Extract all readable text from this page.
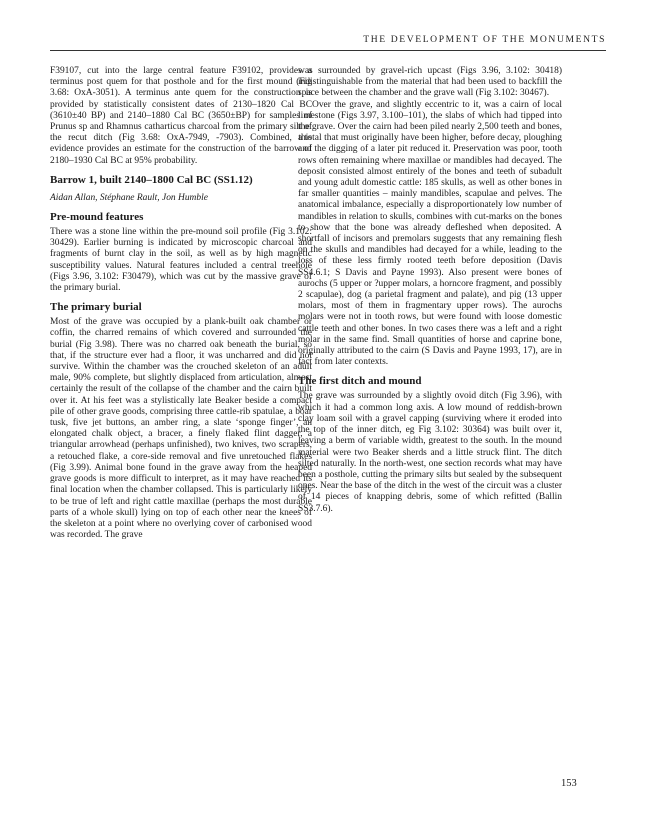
THE DEVELOPMENT OF THE MONUMENTS

F39107, cut into the large central feature F39102, provides a terminus post quem for that posthole and for the first mound (Fig 3.68: OxA-3051). A terminus ante quem for the construction is provided by statistically consistent dates of 2130–1820 Cal BC (3610±40 BP) and 2140–1880 Cal BC (3650±BP) for samples of Prunus sp and Rhamnus catharticus charcoal from the primary silt of the recut ditch (Fig 3.68: OxA-7949, -7903). Combined, this evidence provides an estimate for the construction of the barrow of 2180–1930 Cal BC at 95% probability.

Barrow 1, built 2140–1800 Cal BC (SS1.12)

Aidan Allan, Stéphane Rault, Jon Humble

Pre-mound features

There was a stone line within the pre-mound soil profile (Fig 3.102: 30429). Earlier burning is indicated by microscopic charcoal and fragments of burnt clay in the soil, as well as by high magnetic susceptibility values. Natural features included a central treehole (Figs 3.96, 3.102: F30479), which was cut by the massive grave of the primary burial.

The primary burial

Most of the grave was occupied by a plank-built oak chamber or coffin, the charred remains of which covered and surrounded the burial (Fig 3.98). There was no charred oak beneath the burial, so that, if the structure ever had a floor, it was uncharred and did not survive. Within the chamber was the crouched skeleton of an adult male, 90% complete, but slightly displaced from articulation, almost certainly the result of the collapse of the chamber and the cairn built over it. At his feet was a stylistically late Beaker beside a compact pile of other grave goods, comprising three cattle-rib spatulae, a boar tusk, five jet buttons, an amber ring, a slate ‘sponge finger’, an elongated chalk object, a bracer, a finely flaked flint dagger, a triangular arrowhead (perhaps unfinished), two knives, two scrapers, a retouched flake, a core-side removal and five unretouched flakes (Fig 3.99). Animal bone found in the grave away from the heaped grave goods is more difficult to interpret, as it may have reached its final location when the chamber collapsed. This is particularly likely to be true of left and right cattle maxillae (perhaps the most durable parts of a whole skull) lying on top of each other near the knees of the skeleton at a point where no overlying cover of carbonised wood was recorded. The grave

was surrounded by gravel-rich upcast (Figs 3.96, 3.102: 30418) indistinguishable from the material that had been used to backfill the space between the chamber and the grave wall (Fig 3.102: 30467).

Over the grave, and slightly eccentric to it, was a cairn of local limestone (Figs 3.97, 3.100–101), the slabs of which had tipped into the grave. Over the cairn had been piled nearly 2,500 teeth and bones, a total that must originally have been higher, before decay, ploughing and the digging of a later pit reduced it. Preservation was poor, tooth rows often remaining where maxillae or mandibles had decayed. The deposit consisted almost entirely of the bones and teeth of subadult and young adult domestic cattle: 185 skulls, as well as other bones in far smaller quantities – mainly mandibles, scapulae and pelves. The anatomical imbalance, especially a disproportionately low number of mandibles in relation to skulls, combines with cut-marks on the bones to show that the bone was already defleshed when deposited. A shortfall of incisors and premolars suggests that any remaining flesh on the skulls and mandibles had decayed for a while, leading to the loss of these less firmly rooted teeth before deposition (Davis SS4.6.1; S Davis and Payne 1993). Also present were bones of aurochs (5 upper or ?upper molars, a horncore fragment, and possibly 2 scapulae), dog (a parietal fragment and palate), and pig (13 upper molars, most of them in fragmentary upper rows). The aurochs molars were not in tooth rows, but were found with loose domestic cattle teeth and other bones. In two cases there was a left and a right molar in the same find. Small quantities of horse and caprine bone, originally attributed to the cairn (S Davis and Payne 1993, 17), are in fact from later contexts.

The first ditch and mound

The grave was surrounded by a slightly ovoid ditch (Fig 3.96), with which it had a common long axis. A low mound of reddish-brown clay loam soil with a gravel capping (surviving where it eroded into the top of the inner ditch, eg Fig 3.102: 30364) was built over it, leaving a berm of variable width, greatest to the south. In the mound material were two Beaker sherds and a little struck flint. The ditch silted naturally. In the north-west, one section records what may have been a posthole, cutting the primary silts but sealed by the subsequent ones. Near the base of the ditch in the west of the circuit was a cluster of 14 pieces of knapping debris, some of which refitted (Ballin SS3.7.6).

153
